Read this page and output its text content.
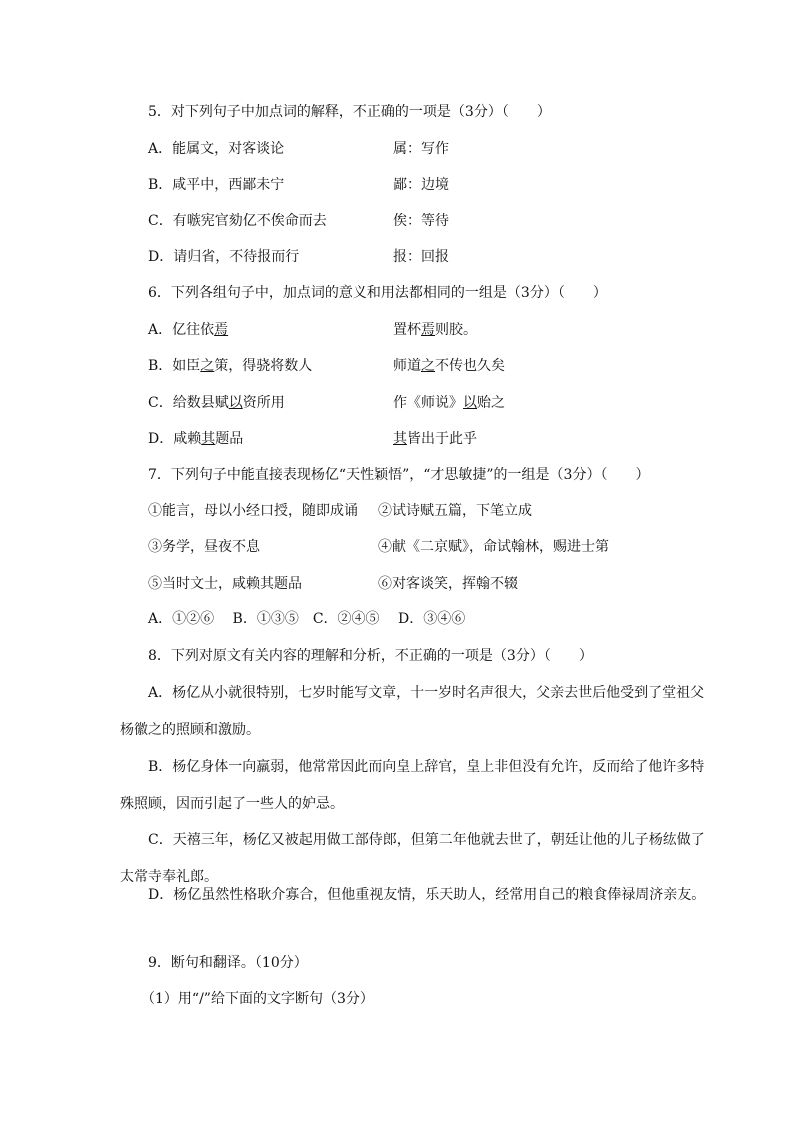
5．对下列句子中加点词的解释，不正确的一项是（3分）（　　）
A．能属文，对客谈论	属：写作
B．咸平中，西鄙未宁	鄙：边境
C．有嗾宪官劾亿不俟命而去	俟：等待
D．请归省，不待报而行	报：回报
6．下列各组句子中，加点词的意义和用法都相同的一组是（3分）（　　）
A．亿往依焉	置杯焉则胶。
B．如臣之策，得骁将数人	师道之不传也久矣
C．给数县赋以资所用	作《师说》以贻之
D．咸赖其题品	其皆出于此乎
7．下列句子中能直接表现杨亿“天性颖悟”，“才思敏捷”的一组是（3分）（　　）
①能言，母以小经口授，随即成诵 ②试诗赋五篇，下笔立成
③务学，昼夜不息	④献《二京赋》，命试翰林，赐进士第
⑤当时文士，咸赖其题品	⑥对客谈笑，挥翰不辍
A．①②⑥　 B．①③⑤　C．②④⑤　 D．③④⑥
8．下列对原文有关内容的理解和分析，不正确的一项是（3分）（　　）
A．杨亿从小就很特别，七岁时能写文章，十一岁时名声很大，父亲去世后他受到了堂祖父杨徽之的照顾和激励。
B．杨亿身体一向羸弱，他常常因此而向皇上辞官，皇上非但没有允许，反而给了他许多特殊照顾，因而引起了一些人的妒忌。
C．天禧三年，杨亿又被起用做工部侍郎，但第二年他就去世了，朝廷让他的儿子杨纮做了太常寺奉礼郎。
D．杨亿虽然性格耿介寡合，但他重视友情，乐天助人，经常用自己的粮食俸禄周济亲友。
9．断句和翻译。（10分）
（1）用“/”给下面的文字断句（3分）
